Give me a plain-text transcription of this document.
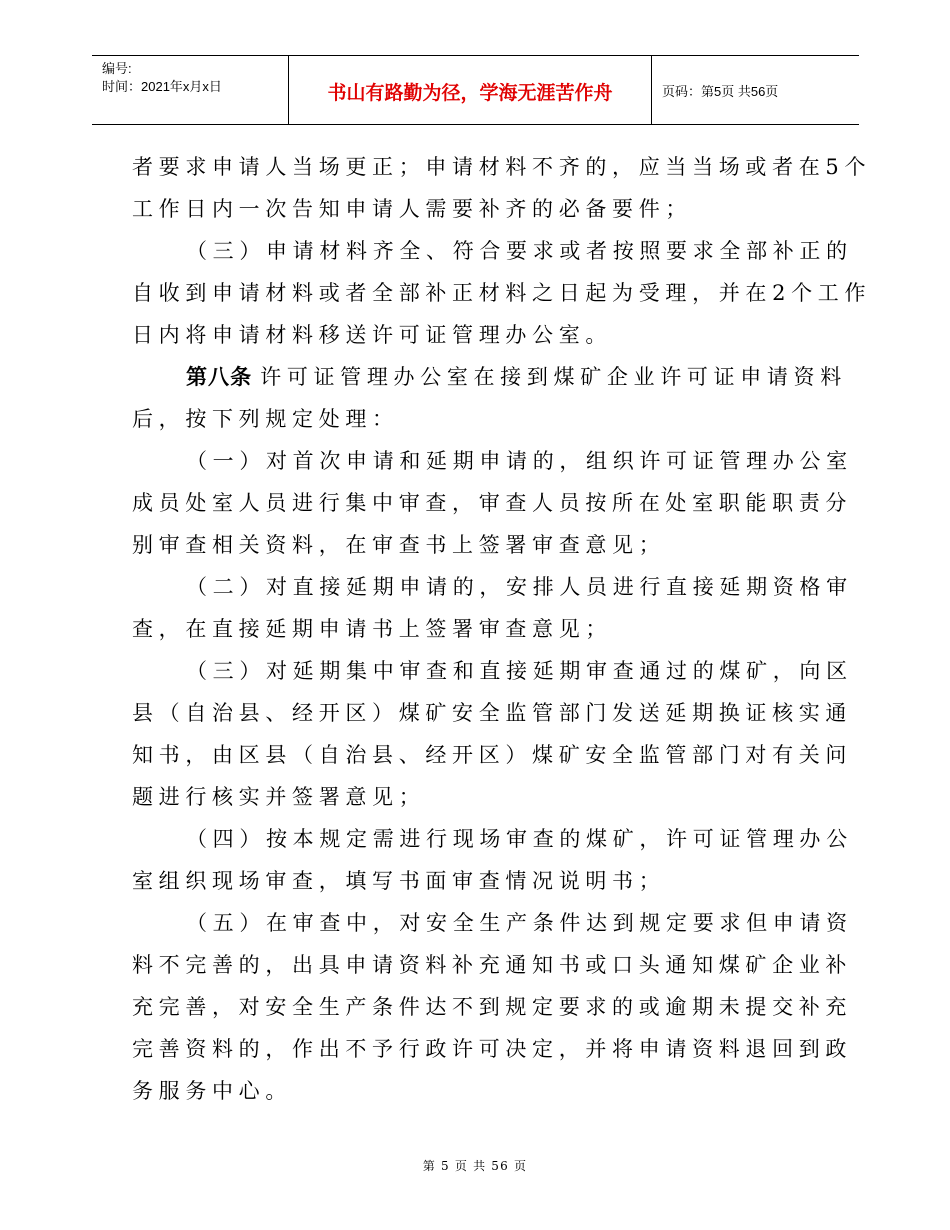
编号:
时间：2021年x月x日	书山有路勤为径，学海无涯苦作舟	页码：第5页 共56页
者要求申请人当场更正；申请材料不齐的，应当当场或者在5个
工作日内一次告知申请人需要补齐的必备要件；
（三）申请材料齐全、符合要求或者按照要求全部补正的
自收到申请材料或者全部补正材料之日起为受理，并在2个工作
日内将申请材料移送许可证管理办公室。
第八条 许可证管理办公室在接到煤矿企业许可证申请资料
后，按下列规定处理：
（一）对首次申请和延期申请的，组织许可证管理办公室
成员处室人员进行集中审查，审查人员按所在处室职能职责分
别审查相关资料，在审查书上签署审查意见；
（二）对直接延期申请的，安排人员进行直接延期资格审
查，在直接延期申请书上签署审查意见；
（三）对延期集中审查和直接延期审查通过的煤矿，向区
县（自治县、经开区）煤矿安全监管部门发送延期换证核实通
知书，由区县（自治县、经开区）煤矿安全监管部门对有关问
题进行核实并签署意见；
（四）按本规定需进行现场审查的煤矿，许可证管理办公
室组织现场审查，填写书面审查情况说明书；
（五）在审查中，对安全生产条件达到规定要求但申请资
料不完善的，出具申请资料补充通知书或口头通知煤矿企业补
充完善，对安全生产条件达不到规定要求的或逾期未提交补充
完善资料的，作出不予行政许可决定，并将申请资料退回到政
务服务中心。
第 5 页 共 56 页
